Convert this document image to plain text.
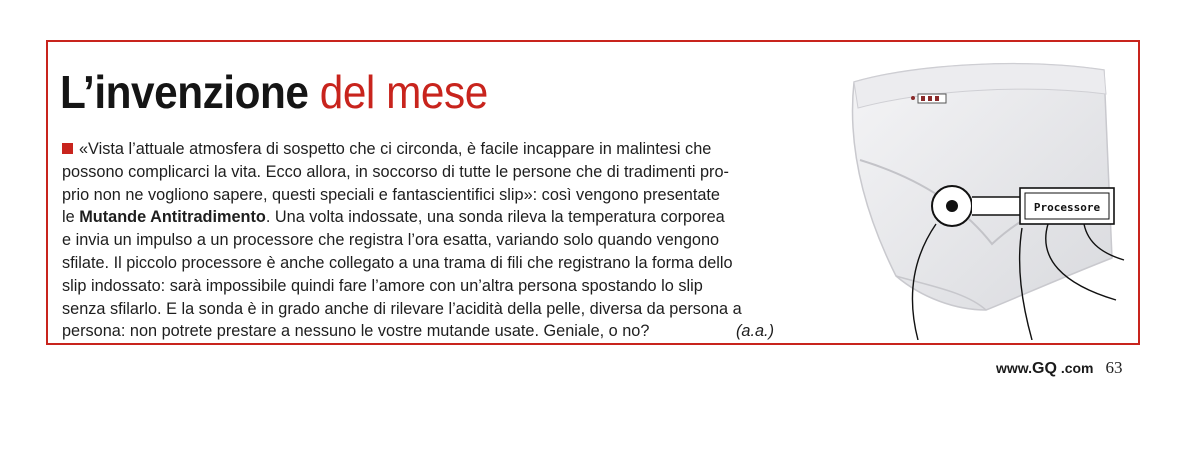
L’invenzione del mese
«Vista l’attuale atmosfera di sospetto che ci circonda, è facile incappare in malintesi che
possono complicarci la vita. Ecco allora, in soccorso di tutte le persone che di tradimenti pro-
prio non ne vogliono sapere, questi speciali e fantascientifici slip»: così vengono presentate
le Mutande Antitradimento. Una volta indossate, una sonda rileva la temperatura corporea
e invia un impulso a un processore che registra l’ora esatta, variando solo quando vengono
sfilate. Il piccolo processore è anche collegato a una trama di fili che registrano la forma dello
slip indossato: sarà impossibile quindi fare l’amore con un’altra persona spostando lo slip
senza sfilarlo. E la sonda è in grado anche di rilevare l’acidità della pelle, diversa da persona a
persona: non potrete prestare a nessuno le vostre mutande usate. Geniale, o no?	(a.a.)
Processore
www.GQ .com 63
